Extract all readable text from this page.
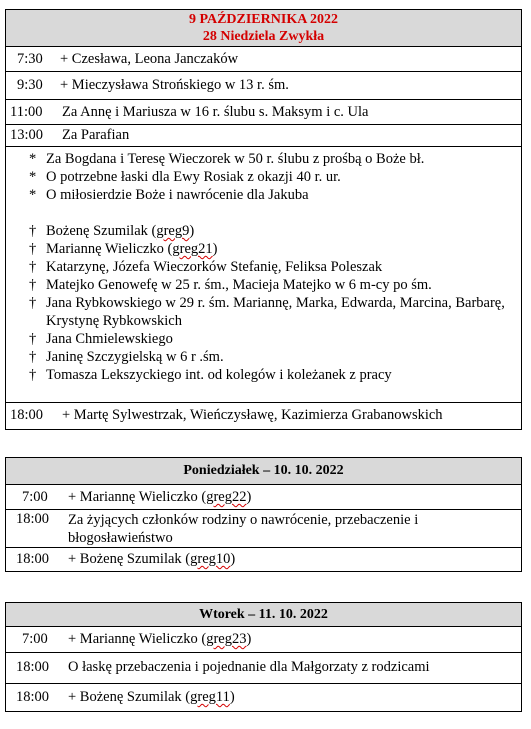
9 PAŹDZIERNIKA 2022
28 Niedziela Zwykła
7:30	+ Czesława, Leona Janczaków
9:30	+ Mieczysława Strońskiego w 13 r. śm.
11:00	Za Annę i Mariusza w 16 r. ślubu s. Maksym i c. Ula
13:00	Za Parafian
* Za Bogdana i Teresę Wieczorek w 50 r. ślubu z prośbą o Boże bł.
* O potrzebne łaski dla Ewy Rosiak z okazji 40 r. ur.
* O miłosierdzie Boże i nawrócenie dla Jakuba
† Bożenę Szumilak (greg9)
† Mariannę Wieliczko (greg21)
† Katarzynę, Józefa Wieczorków Stefanię, Feliksa Poleszak
† Matejko Genowefę w 25 r. śm., Macieja Matejko w 6 m-cy po śm.
† Jana Rybkowskiego w 29 r. śm. Mariannę, Marka, Edwarda, Marcina, Barbarę, Krystynę Rybkowskich
† Jana Chmielewskiego
† Janinę Szczygielską w 6 r .śm.
† Tomasza Lekszyckiego int. od kolegów i koleżanek z pracy
18:00	+ Martę Sylwestrzak, Wieńczysławę, Kazimierza Grabanowskich
Poniedziałek – 10. 10. 2022
7:00	+ Mariannę Wieliczko (greg22)
18:00	Za żyjących członków rodziny o nawrócenie, przebaczenie i błogosławieństwo
18:00	+ Bożenę Szumilak (greg10)
Wtorek – 11. 10. 2022
7:00	+ Mariannę Wieliczko (greg23)
18:00	O łaskę przebaczenia i pojednanie dla Małgorzaty z rodzicami
18:00	+ Bożenę Szumilak (greg11)
